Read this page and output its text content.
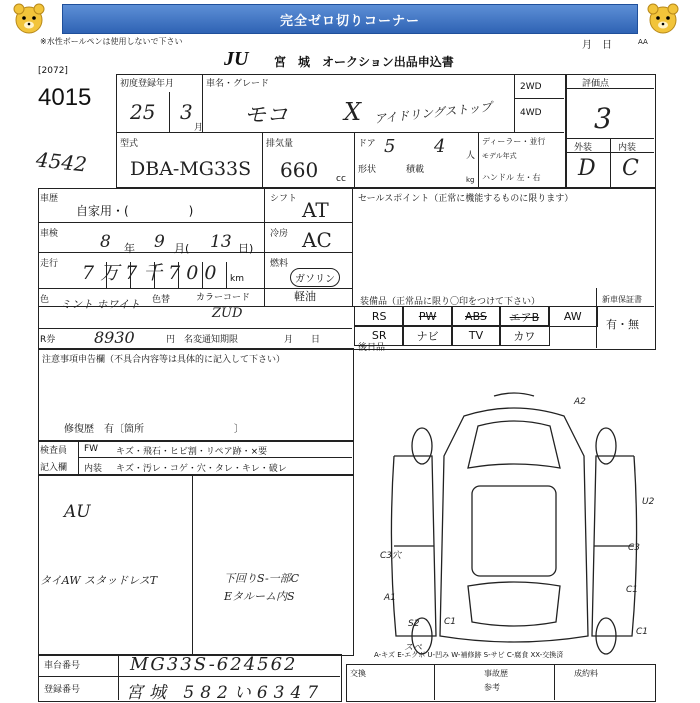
完全ゼロ切りコーナー
※水性ボールペンは使用しないで下さい	月　日	AA
JU 宮　城　オークション出品申込書
[2072]
4015	初度登録年月
25 3
月
車名・グレード
モコ X アイドリングストップ
2WD
4WD
型式
DBA-MG33S
排気量
660 cc
ドア 5 4 人
形状	積載
kg
ディーラー・並行
モデル年式
ハンドル 左・右
4542
評価点
3
外装	内装
D C
車歴
自家用・(　　　　　)
車検 8 年 9 月( 13 日)
走行 7万7千700 km
シフト AT
冷房 AC
燃料
ガソリン
軽油
色 ミント ホワイト 色替	カラーコード
ZUD
R券 8930	円 名変通知期限	月　　日
セールスポイント（正常に機能するものに限ります）
装備品（正常品に限り〇印をつけて下さい）	新車保証書
有・無
RS	PW	ABS	エアB	AW
SR	ナビ	TV	カワ
後日品
注意事項申告欄（不具合内容等は具体的に記入して下さい）
修復歴　有〔箇所　　　　　　　　　〕
検査員
記入欄
FW キズ・飛石・ヒビ割・リペア跡・×要
内装 キズ・汚レ・コゲ・穴・タレ・キレ・破レ
AU
タイAW スタッドレスT	下回りS-一部C
Eタルーム内S
A2
U2
C3
C3穴
A1
C1
C1
C1
S2
スペ
A-キズ E-エクボ U-凹み W-補修跡 S-サビ C-腐食 XX-交換済
車台番号	MG33S-624562
登録番号	宮城 582い6347
交換	事故歴
参考
成約料
